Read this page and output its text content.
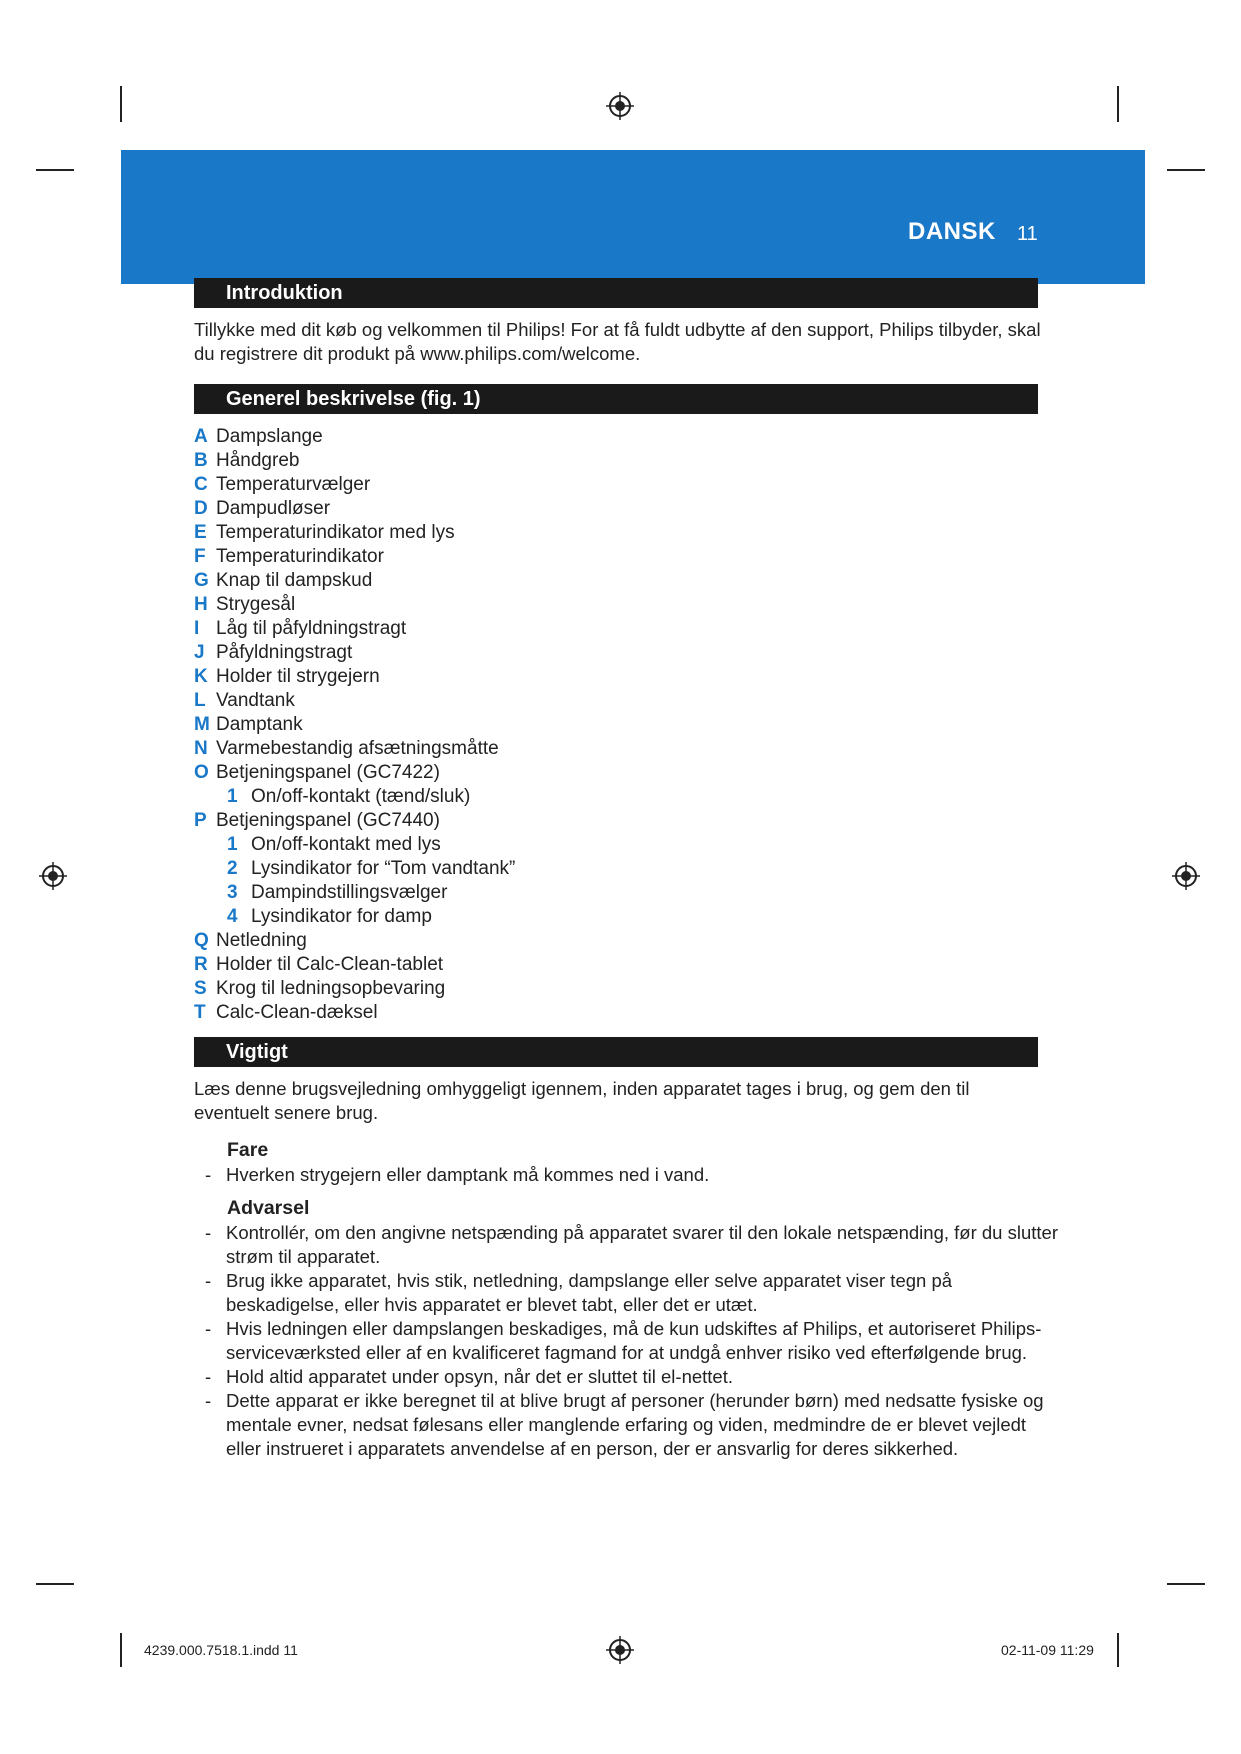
DANSK 11
Introduktion
Tillykke med dit køb og velkommen til Philips! For at få fuldt udbytte af den support, Philips tilbyder, skal du registrere dit produkt på www.philips.com/welcome.
Generel beskrivelse (fig. 1)
A Dampslange
B Håndgreb
C Temperaturvælger
D Dampudløser
E Temperaturindikator med lys
F Temperaturindikator
G Knap til dampskud
H Strygesål
I Låg til påfyldningstragt
J Påfyldningstragt
K Holder til strygejern
L Vandtank
M Damptank
N Varmebestandig afsætningsmåtte
O Betjeningspanel (GC7422)
1 On/off-kontakt (tænd/sluk)
P Betjeningspanel (GC7440)
1 On/off-kontakt med lys
2 Lysindikator for “Tom vandtank”
3 Dampindstillingsvælger
4 Lysindikator for damp
Q Netledning
R Holder til Calc-Clean-tablet
S Krog til ledningsopbevaring
T Calc-Clean-dæksel
Vigtigt
Læs denne brugsvejledning omhyggeligt igennem, inden apparatet tages i brug, og gem den til eventuelt senere brug.
Fare
- Hverken strygejern eller damptank må kommes ned i vand.
Advarsel
- Kontrollér, om den angivne netspænding på apparatet svarer til den lokale netspænding, før du slutter strøm til apparatet.
- Brug ikke apparatet, hvis stik, netledning, dampslange eller selve apparatet viser tegn på beskadigelse, eller hvis apparatet er blevet tabt, eller det er utæt.
- Hvis ledningen eller dampslangen beskadiges, må de kun udskiftes af Philips, et autoriseret Philips-serviceværksted eller af en kvalificeret fagmand for at undgå enhver risiko ved efterfølgende brug.
- Hold altid apparatet under opsyn, når det er sluttet til el-nettet.
- Dette apparat er ikke beregnet til at blive brugt af personer (herunder børn) med nedsatte fysiske og mentale evner, nedsat følesans eller manglende erfaring og viden, medmindre de er blevet vejledt eller instrueret i apparatets anvendelse af en person, der er ansvarlig for deres sikkerhed.
4239.000.7518.1.indd 11	02-11-09 11:29
